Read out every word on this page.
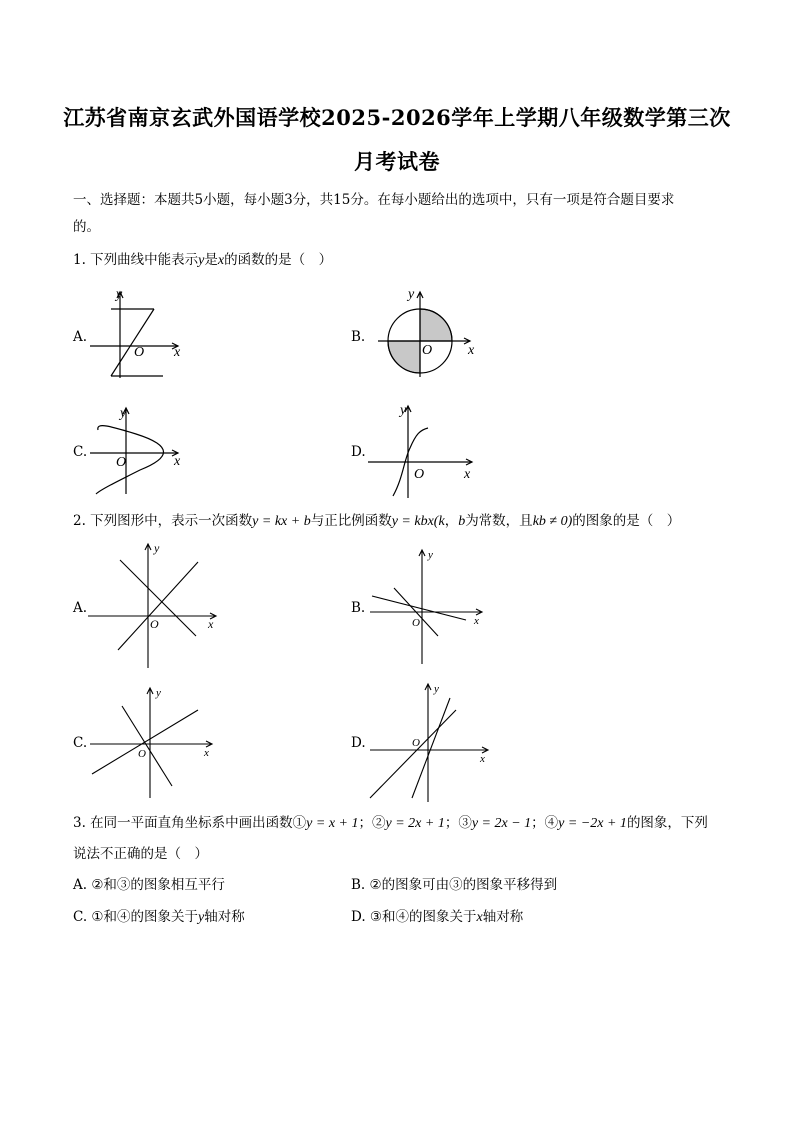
江苏省南京玄武外国语学校2025-2026学年上学期八年级数学第三次
月考试卷
一、选择题：本题共5小题，每小题3分，共15分。在每小题给出的选项中，只有一项是符合题目要求
的。
1. 下列曲线中能表示y是x的函数的是（　）
A.
y
x
O
B.
y
x
O
C.
y
x
O
D.
y
x
O
2. 下列图形中，表示一次函数y = kx + b与正比例函数y = kbx(k，b为常数，且kb ≠ 0)的图象的是（　）
A.
y
x
O
B.
y
x
O
C.
y
x
O
D.
y
x
O
3. 在同一平面直角坐标系中画出函数①y = x + 1；②y = 2x + 1；③y = 2x − 1；④y = −2x + 1的图象，下列
说法不正确的是（　）
A. ②和③的图象相互平行	B. ②的图象可由③的图象平移得到
C. ①和④的图象关于y轴对称	D. ③和④的图象关于x轴对称
